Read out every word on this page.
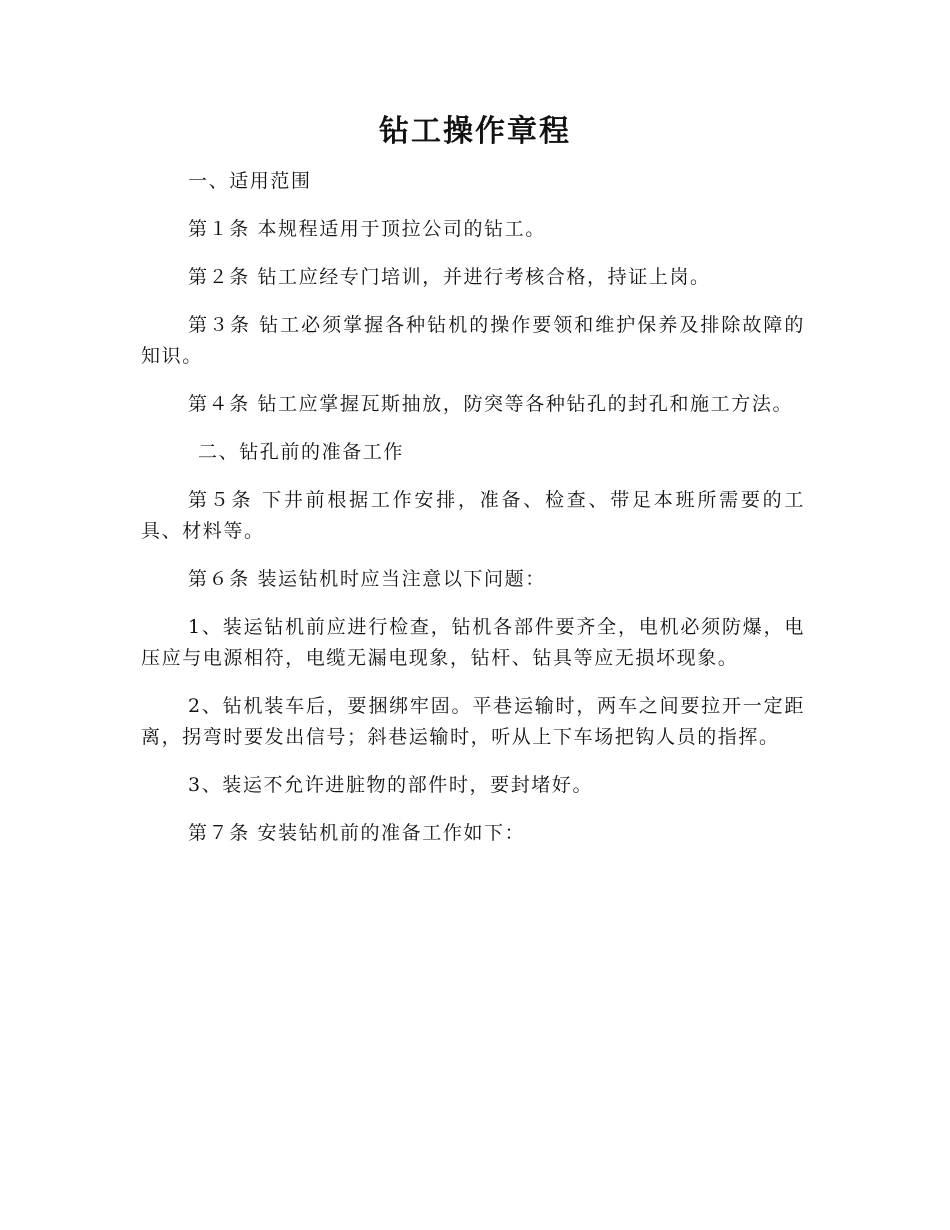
钻工操作章程

一、适用范围

第１条 本规程适用于顶拉公司的钻工。

第２条 钻工应经专门培训，并进行考核合格，持证上岗。

第３条 钻工必须掌握各种钻机的操作要领和维护保养及排除故障的知识。

第４条 钻工应掌握瓦斯抽放，防突等各种钻孔的封孔和施工方法。

二、钻孔前的准备工作

第５条 下井前根据工作安排，准备、检查、带足本班所需要的工具、材料等。

第６条 装运钻机时应当注意以下问题：

1、装运钻机前应进行检查，钻机各部件要齐全，电机必须防爆，电压应与电源相符，电缆无漏电现象，钻杆、钻具等应无损坏现象。

2、钻机装车后，要捆绑牢固。平巷运输时，两车之间要拉开一定距离，拐弯时要发出信号；斜巷运输时，听从上下车场把钩人员的指挥。

3、装运不允许进脏物的部件时，要封堵好。

第７条 安装钻机前的准备工作如下：
